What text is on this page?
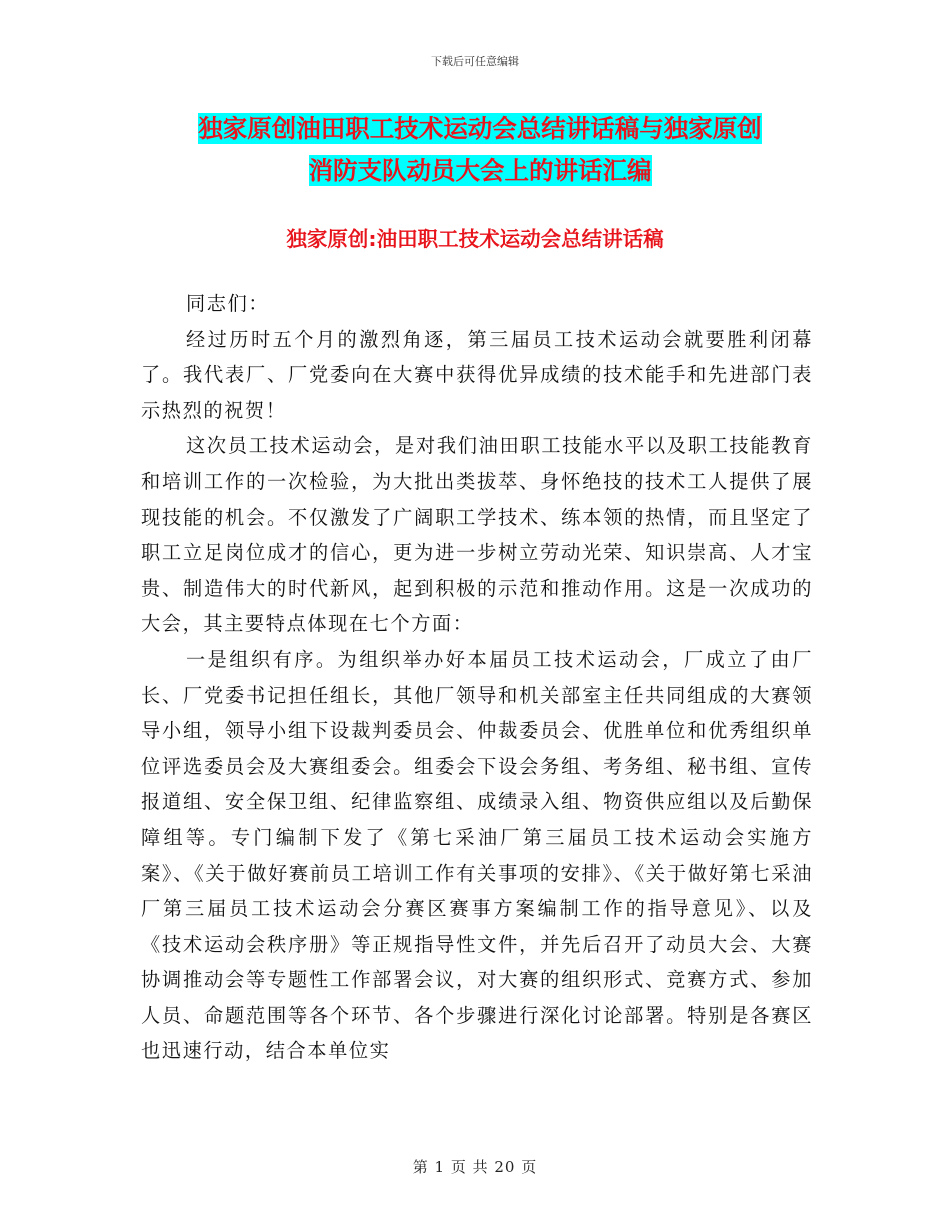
下载后可任意编辑
独家原创油田职工技术运动会总结讲话稿与独家原创
消防支队动员大会上的讲话汇编
独家原创:油田职工技术运动会总结讲话稿

同志们：

经过历时五个月的激烈角逐，第三届员工技术运动会就要胜利闭幕了。我代表厂、厂党委向在大赛中获得优异成绩的技术能手和先进部门表示热烈的祝贺！

这次员工技术运动会，是对我们油田职工技能水平以及职工技能教育和培训工作的一次检验，为大批出类拔萃、身怀绝技的技术工人提供了展现技能的机会。不仅激发了广阔职工学技术、练本领的热情，而且坚定了职工立足岗位成才的信心，更为进一步树立劳动光荣、知识崇高、人才宝贵、制造伟大的时代新风，起到积极的示范和推动作用。这是一次成功的大会，其主要特点体现在七个方面：

一是组织有序。为组织举办好本届员工技术运动会，厂成立了由厂长、厂党委书记担任组长，其他厂领导和机关部室主任共同组成的大赛领导小组，领导小组下设裁判委员会、仲裁委员会、优胜单位和优秀组织单位评选委员会及大赛组委会。组委会下设会务组、考务组、秘书组、宣传报道组、安全保卫组、纪律监察组、成绩录入组、物资供应组以及后勤保障组等。专门编制下发了《第七采油厂第三届员工技术运动会实施方案》、《关于做好赛前员工培训工作有关事项的安排》、《关于做好第七采油厂第三届员工技术运动会分赛区赛事方案编制工作的指导意见》、以及《技术运动会秩序册》等正规指导性文件，并先后召开了动员大会、大赛协调推动会等专题性工作部署会议，对大赛的组织形式、竞赛方式、参加人员、命题范围等各个环节、各个步骤进行深化讨论部署。特别是各赛区也迅速行动，结合本单位实

第 1 页 共 20 页
